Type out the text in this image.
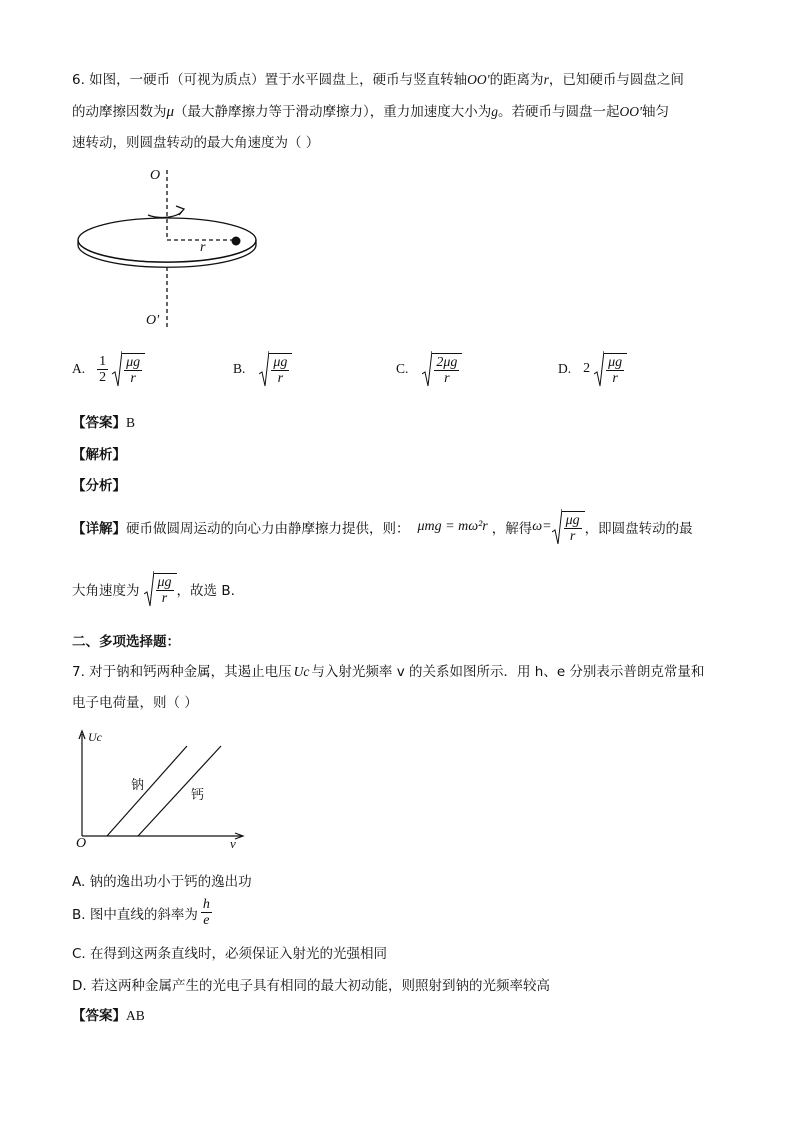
6. 如图，一硬币（可视为质点）置于水平圆盘上，硬币与竖直转轴OO'的距离为r，已知硬币与圆盘之间
的动摩擦因数为μ（最大静摩擦力等于滑动摩擦力），重力加速度大小为g。若硬币与圆盘一起OO′轴匀
速转动，则圆盘转动的最大角速度为（ ）
O
r
O'
A. $\frac{1}{2} \frac{\mu g}{r}$	B. $\frac{\mu g}{r}$	C. $\frac{2\mu g}{r}$	D. $2 \frac{\mu g}{r}$
【答案】B
【解析】
【分析】
【详解】 硬币做圆周运动的向心力由静摩擦力提供，则： μmg = mω²r ，解得 $\omega= \frac{\mu g}{r}$ ，即圆盘转动的最
大角速度为 $\frac{\mu g}{r}$ ，故选 B.
二、多项选择题：
7. 对于钠和钙两种金属，其遏止电压 Uc 与入射光频率 v 的关系如图所示．用 h、e 分别表示普朗克常量和
电子电荷量，则（ ）
Uc
钠
钙
O	v
A. 钠的逸出功小于钙的逸出功
B. 图中直线的斜率为 $\frac{h}{e}$
C. 在得到这两条直线时，必须保证入射光的光强相同
D. 若这两种金属产生的光电子具有相同的最大初动能，则照射到钠的光频率较高
【答案】AB
